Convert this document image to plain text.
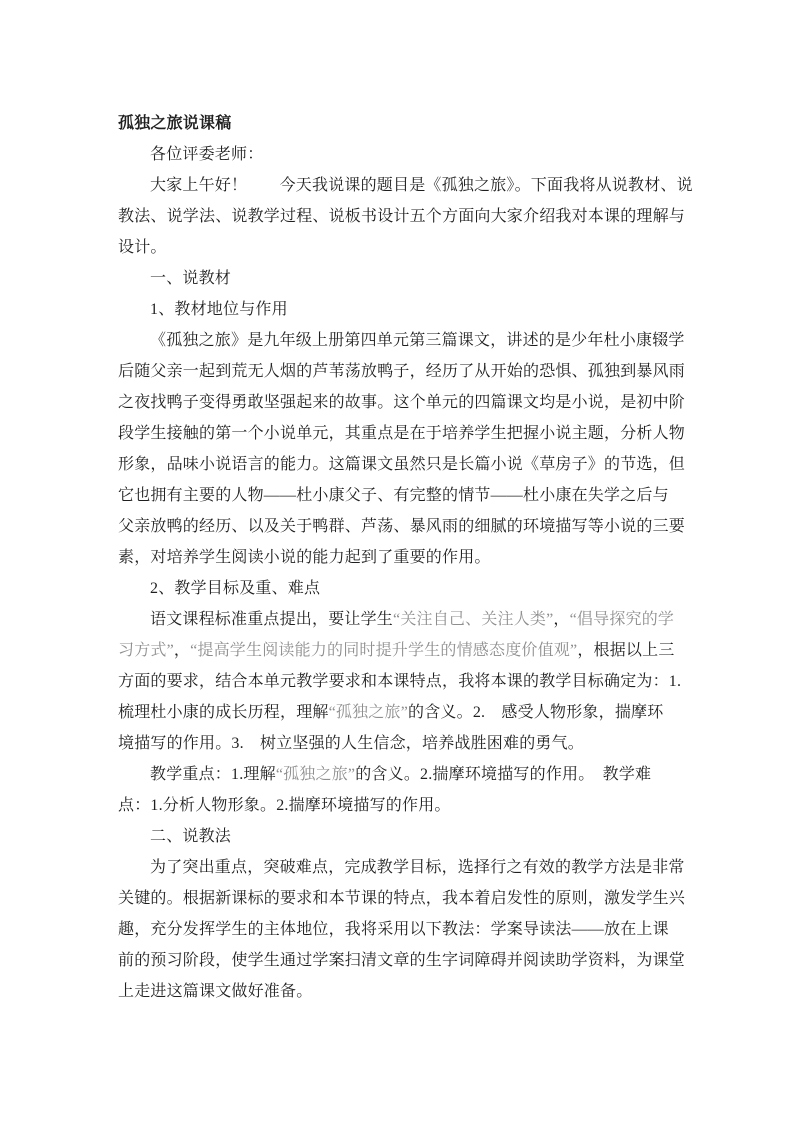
孤独之旅说课稿
各位评委老师：
大家上午好！　　今天我说课的题目是《孤独之旅》。下面我将从说教材、说
教法、说学法、说教学过程、说板书设计五个方面向大家介绍我对本课的理解与
设计。
一、说教材
1、教材地位与作用
《孤独之旅》是九年级上册第四单元第三篇课文，讲述的是少年杜小康辍学
后随父亲一起到荒无人烟的芦苇荡放鸭子，经历了从开始的恐惧、孤独到暴风雨
之夜找鸭子变得勇敢坚强起来的故事。这个单元的四篇课文均是小说，是初中阶
段学生接触的第一个小说单元，其重点是在于培养学生把握小说主题，分析人物
形象，品味小说语言的能力。这篇课文虽然只是长篇小说《草房子》的节选，但
它也拥有主要的人物——杜小康父子、有完整的情节——杜小康在失学之后与
父亲放鸭的经历、以及关于鸭群、芦荡、暴风雨的细腻的环境描写等小说的三要
素，对培养学生阅读小说的能力起到了重要的作用。
2、教学目标及重、难点
语文课程标准重点提出，要让学生“关注自己、关注人类”，“倡导探究的学
习方式”，“提高学生阅读能力的同时提升学生的情感态度价值观”，根据以上三
方面的要求，结合本单元教学要求和本课特点，我将本课的教学目标确定为：1.
梳理杜小康的成长历程，理解“孤独之旅”的含义。2.　感受人物形象，揣摩环
境描写的作用。3.　树立坚强的人生信念，培养战胜困难的勇气。
教学重点：1.理解“孤独之旅”的含义。2.揣摩环境描写的作用。　教学难
点：1.分析人物形象。2.揣摩环境描写的作用。
二、说教法
为了突出重点，突破难点，完成教学目标，选择行之有效的教学方法是非常
关键的。根据新课标的要求和本节课的特点，我本着启发性的原则，激发学生兴
趣，充分发挥学生的主体地位，我将采用以下教法：学案导读法——放在上课
前的预习阶段，使学生通过学案扫清文章的生字词障碍并阅读助学资料，为课堂
上走进这篇课文做好准备。
